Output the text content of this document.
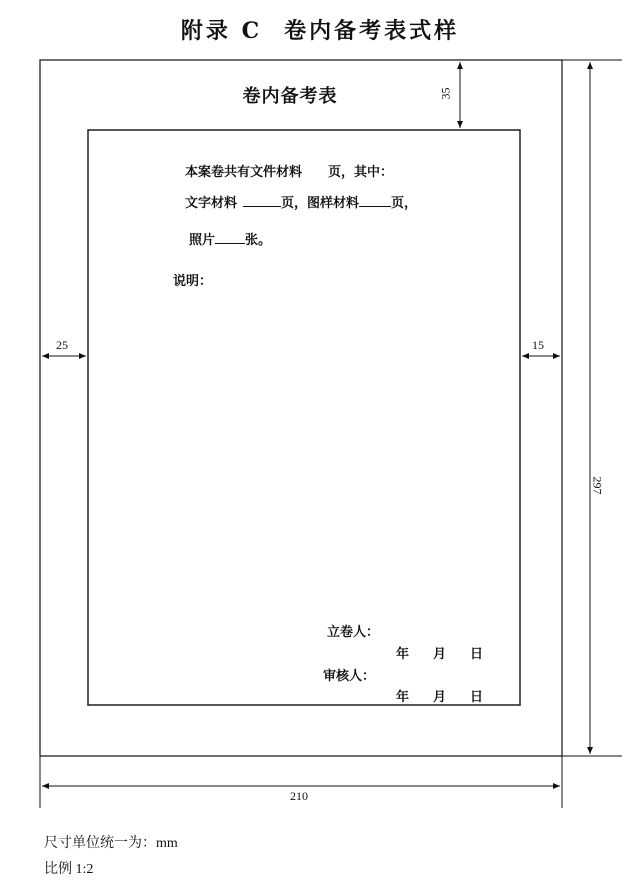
附录 C 卷内备考表式样
35
25	15
297
210
卷内备考表
本案卷共有文件材料 页，其中：
文字材料	页，图样材料 页，
照片 张。
说明：
立卷人：
年 月 日
审核人：
年 月 日
尺寸单位统一为：mm
比例 1:2
